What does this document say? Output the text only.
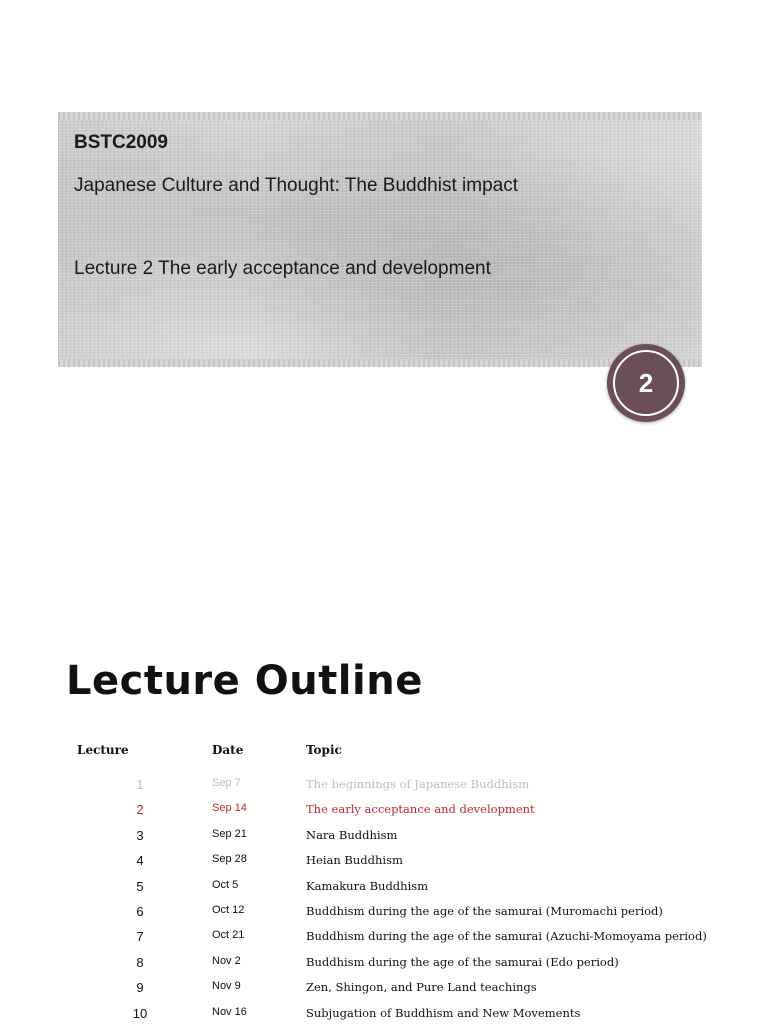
BSTC2009
Japanese Culture and Thought: The Buddhist impact
Lecture 2 The early acceptance and development
2
Lecture Outline
Lecture	Date	Topic
1	Sep 7	The beginnings of Japanese Buddhism
2	Sep 14	The early acceptance and development
3	Sep 21	Nara Buddhism
4	Sep 28	Heian Buddhism
5	Oct 5	Kamakura Buddhism
6	Oct 12	Buddhism during the age of the samurai (Muromachi period)
7	Oct 21	Buddhism during the age of the samurai (Azuchi-Momoyama period)
8	Nov 2	Buddhism during the age of the samurai (Edo period)
9	Nov 9	Zen, Shingon, and Pure Land teachings
10	Nov 16	Subjugation of Buddhism and New Movements
